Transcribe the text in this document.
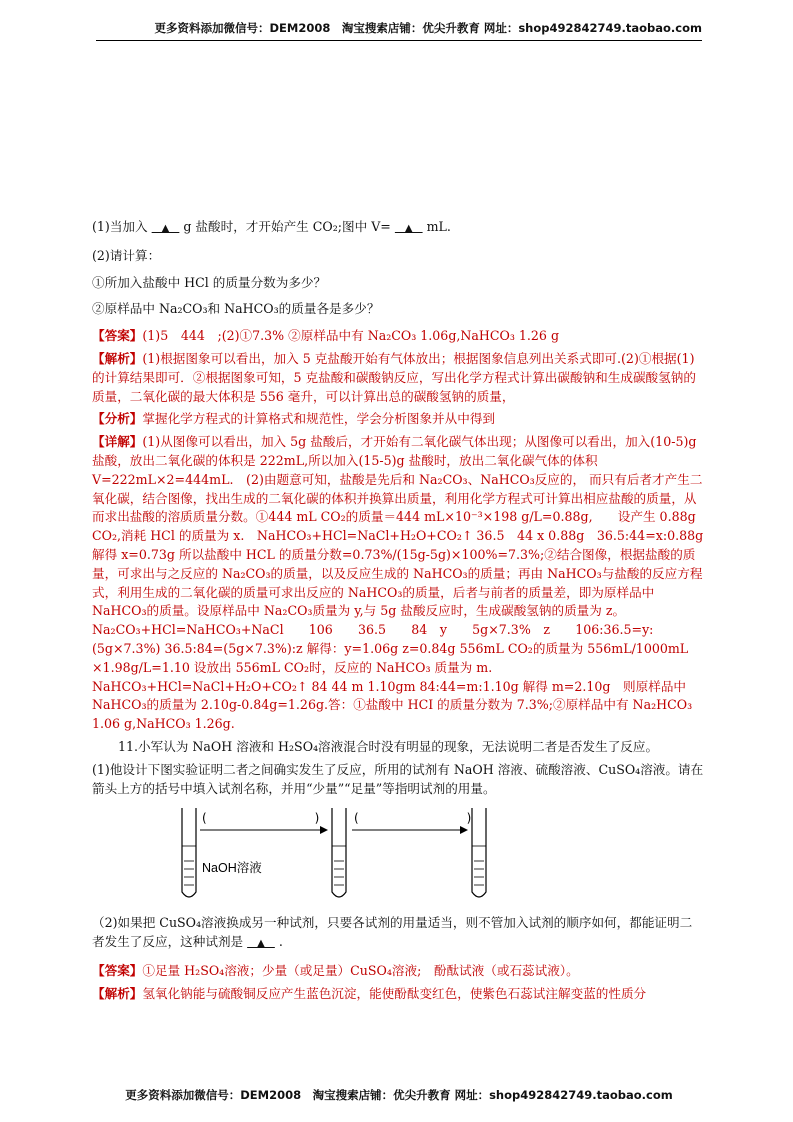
更多资料添加微信号：DEM2008　淘宝搜索店铺：优尖升教育 网址：shop492842749.taobao.com

(1)当加入 　▲　 g 盐酸时，才开始产生 CO₂;图中 V= 　▲　 mL.

(2)请计算：

①所加入盐酸中 HCl 的质量分数为多少？

②原样品中 Na₂CO₃和 NaHCO₃的质量各是多少？

【答案】(1)5　444　;(2)①7.3% ②原样品中有 Na₂CO₃ 1.06g,NaHCO₃ 1.26 g

【解析】(1)根据图象可以看出，加入 5 克盐酸开始有气体放出；根据图象信息列出关系式即可.(2)①根据(1)的计算结果即可．②根据图象可知，5 克盐酸和碳酸钠反应，写出化学方程式计算出碳酸钠和生成碳酸氢钠的质量，二氧化碳的最大体积是 556 毫升，可以计算出总的碳酸氢钠的质量，

【分析】掌握化学方程式的计算格式和规范性，学会分析图象并从中得到

【详解】(1)从图像可以看出，加入 5g 盐酸后，才开始有二氧化碳气体出现；从图像可以看出，加入(10-5)g 盐酸，放出二氧化碳的体积是 222mL,所以加入(15-5)g 盐酸时，放出二氧化碳气体的体积V=222mL×2=444mL.　(2)由题意可知，盐酸是先后和 Na₂CO₃、NaHCO₃反应的， 而只有后者才产生二氧化碳，结合图像，找出生成的二氧化碳的体积并换算出质量，利用化学方程式可计算出相应盐酸的质量，从而求出盐酸的溶质质量分数。①444 mL CO₂的质量＝444 mL×10⁻³×198 g/L=0.88g,　　设产生 0.88g CO₂,消耗 HCl 的质量为 x.　NaHCO₃+HCl=NaCl+H₂O+CO₂↑ 36.5　44 x 0.88g　36.5:44=x:0.88g 解得 x=0.73g 所以盐酸中 HCL 的质量分数=0.73%/(15g-5g)×100%=7.3%;②结合图像，根据盐酸的质量，可求出与之反应的 Na₂CO₃的质量，以及反应生成的 NaHCO₃的质量；再由 NaHCO₃与盐酸的反应方程式，利用生成的二氧化碳的质量可求出反应的 NaHCO₃的质量，后者与前者的质量差，即为原样品中 NaHCO₃的质量。设原样品中 Na₂CO₃质量为 y,与 5g 盐酸反应时，生成碳酸氢钠的质量为 z。Na₂CO₃+HCl=NaHCO₃+NaCl　　106　　36.5　　84　y　　5g×7.3%　z　　106:36.5=y:(5g×7.3%) 36.5:84=(5g×7.3%):z 解得：y=1.06g z=0.84g 556mL CO₂的质量为 556mL/1000mL ×1.98g/L=1.10 设放出 556mL CO₂时，反应的 NaHCO₃ 质量为 m. NaHCO₃+HCl=NaCl+H₂O+CO₂↑ 84 44 m 1.10gm 84:44=m:1.10g 解得 m=2.10g　则原样品中 NaHCO₃的质量为 2.10g-0.84g=1.26g.答：①盐酸中 HCI 的质量分数为 7.3%;②原样品中有 Na₂HCO₃ 1.06 g,NaHCO₃ 1.26g.

11.小军认为 NaOH 溶液和 H₂SO₄溶液混合时没有明显的现象，无法说明二者是否发生了反应。

(1)他设计下图实验证明二者之间确实发生了反应，所用的试剂有 NaOH 溶液、硫酸溶液、CuSO₄溶液。请在箭头上方的括号中填入试剂名称，并用“少量”“足量”等指明试剂的用量。

(　　　　　　　　　)	(　　　　　　　　　)
NaOH溶液

（2)如果把 CuSO₄溶液换成另一种试剂，只要各试剂的用量适当，则不管加入试剂的顺序如何，都能证明二者发生了反应，这种试剂是 　▲　 .

【答案】①足量 H₂SO₄溶液；少量（或足量）CuSO₄溶液;　酚酞试液（或石蕊试液）。

【解析】氢氧化钠能与硫酸铜反应产生蓝色沉淀，能使酚酞变红色，使紫色石蕊试注解变蓝的性质分

更多资料添加微信号：DEM2008　淘宝搜索店铺：优尖升教育 网址：shop492842749.taobao.com
